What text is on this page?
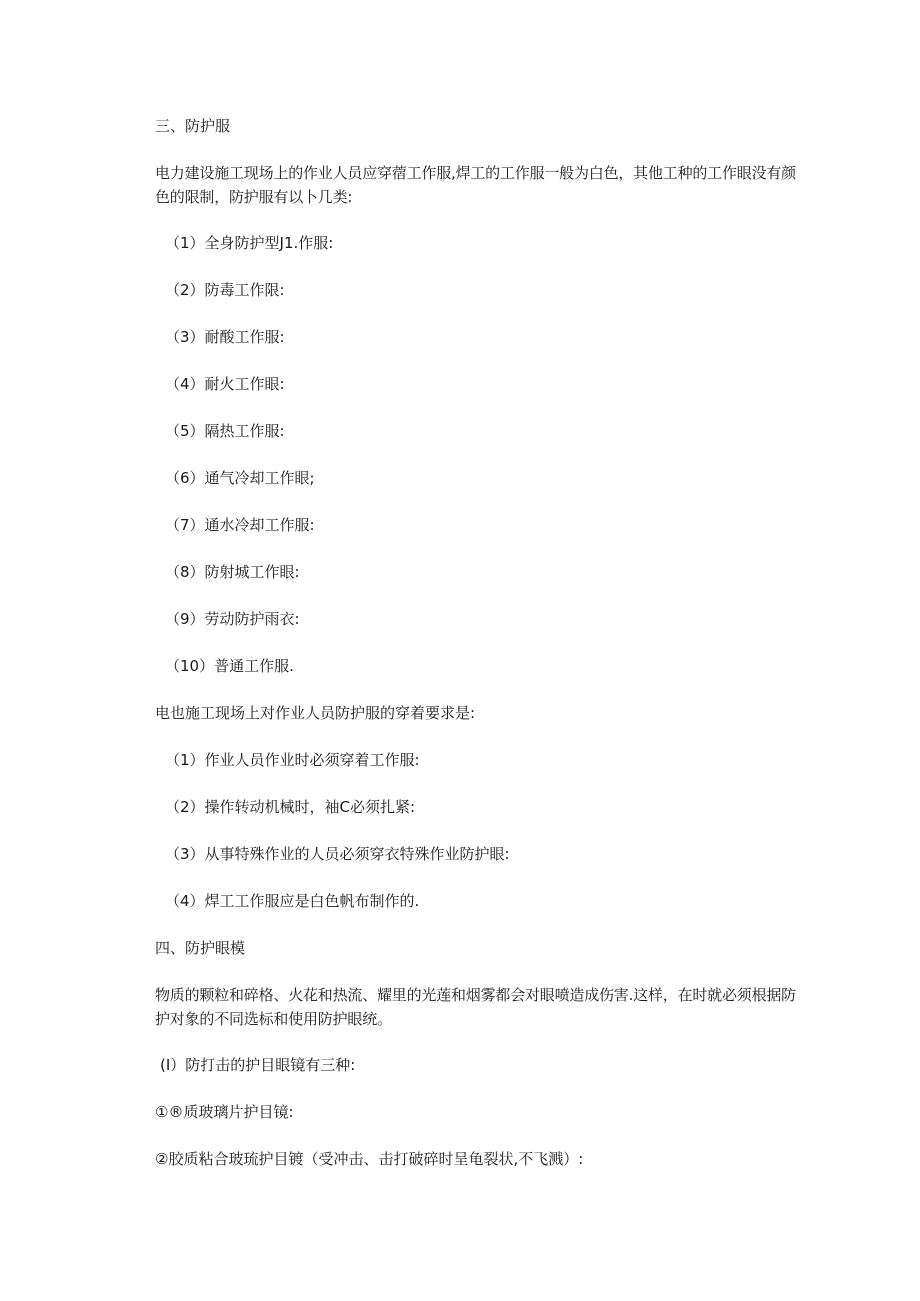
三、防护服
电力建设施工现场上的作业人员应穿蓿工作服,焊工的工作服一般为白色，其他工种的工作眼没有颜色的限制，防护服有以卜几类:
（1）全身防护型J1.作服:
（2）防毒工作限:
（3）耐酸工作服:
（4）耐火工作眼:
（5）隔热工作服:
（6）通气冷却工作眼;
（7）通水冷却工作服:
（8）防射城工作眼:
（9）劳动防护雨衣:
（10）普通工作服.
电也施工现场上对作业人员防护服的穿着要求是:
（1）作业人员作业时必须穿着工作服:
（2）操作转动机械时，袖C必须扎紧:
（3）从事特殊作业的人员必须穿衣特殊作业防护眼:
（4）焊工工作服应是白色帆布制作的.
四、防护眼模
物质的颗粒和碎格、火花和热流、耀里的光莲和烟雾都会对眼喷造成伤害.这样，在时就必须根据防护对象的不同选标和使用防护眼统。
(I）防打击的护目眼镜有三种:
①®质玻璃片护目镜:
②胶质粘合玻琉护目镀（受冲击、击打破碎时呈龟裂状,不飞溅）:
